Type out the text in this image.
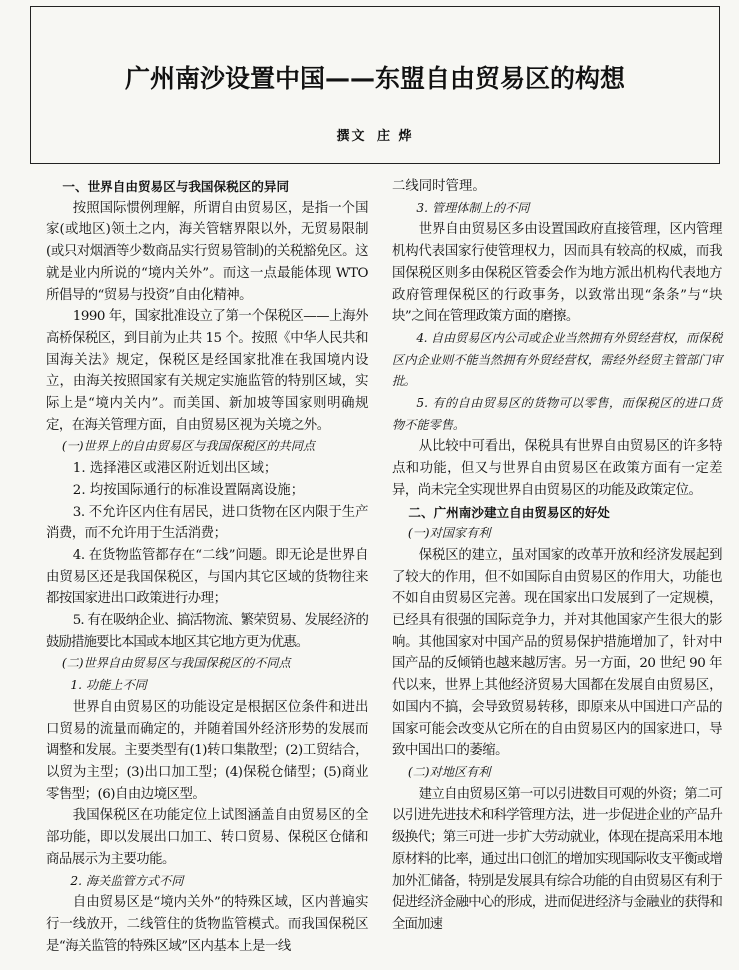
广州南沙设置中国——东盟自由贸易区的构想
撰文 庄 烨

一、世界自由贸易区与我国保税区的异同

按照国际惯例理解，所谓自由贸易区，是指一个国家(或地区)领土之内，海关管辖界限以外，无贸易限制(或只对烟酒等少数商品实行贸易管制)的关税豁免区。这就是业内所说的“境内关外”。而这一点最能体现 WTO 所倡导的“贸易与投资”自由化精神。

1990 年，国家批准设立了第一个保税区——上海外高桥保税区，到目前为止共 15 个。按照《中华人民共和国海关法》规定，保税区是经国家批准在我国境内设立，由海关按照国家有关规定实施监管的特别区域，实际上是“境内关内”。而美国、新加坡等国家则明确规定，在海关管理方面，自由贸易区视为关境之外。

(一)世界上的自由贸易区与我国保税区的共同点

1. 选择港区或港区附近划出区域；

2. 均按国际通行的标准设置隔离设施；

3. 不允许区内住有居民，进口货物在区内限于生产消费，而不允许用于生活消费；

4. 在货物监管都存在“二线”问题。即无论是世界自由贸易区还是我国保税区，与国内其它区域的货物往来都按国家进出口政策进行办理；

5. 有在吸纳企业、搞活物流、繁荣贸易、发展经济的鼓励措施要比本国或本地区其它地方更为优惠。

(二)世界自由贸易区与我国保税区的不同点

1. 功能上不同

世界自由贸易区的功能设定是根据区位条件和进出口贸易的流量而确定的，并随着国外经济形势的发展而调整和发展。主要类型有(1)转口集散型；(2)工贸结合，以贸为主型；(3)出口加工型；(4)保税仓储型；(5)商业零售型；(6)自由边境区型。

我国保税区在功能定位上试图涵盖自由贸易区的全部功能，即以发展出口加工、转口贸易、保税区仓储和商品展示为主要功能。

2. 海关监管方式不同

自由贸易区是“境内关外”的特殊区域，区内普遍实行一线放开，二线管住的货物监管模式。而我国保税区是“海关监管的特殊区域”区内基本上是一线

二线同时管理。

3. 管理体制上的不同

世界自由贸易区多由设置国政府直接管理，区内管理机构代表国家行使管理权力，因而具有较高的权威，而我国保税区则多由保税区管委会作为地方派出机构代表地方政府管理保税区的行政事务，以致常出现“条条”与“块块”之间在管理政策方面的磨擦。

4. 自由贸易区内公司或企业当然拥有外贸经营权，而保税区内企业则不能当然拥有外贸经营权，需经外经贸主管部门审批。

5. 有的自由贸易区的货物可以零售，而保税区的进口货物不能零售。

从比较中可看出，保税具有世界自由贸易区的许多特点和功能，但又与世界自由贸易区在政策方面有一定差异，尚未完全实现世界自由贸易区的功能及政策定位。

二、广州南沙建立自由贸易区的好处

(一)对国家有利

保税区的建立，虽对国家的改革开放和经济发展起到了较大的作用，但不如国际自由贸易区的作用大，功能也不如自由贸易区完善。现在国家出口发展到了一定规模，已经具有很强的国际竞争力，并对其他国家产生很大的影响。其他国家对中国产品的贸易保护措施增加了，针对中国产品的反倾销也越来越厉害。另一方面，20 世纪 90 年代以来，世界上其他经济贸易大国都在发展自由贸易区，如国内不搞，会导致贸易转移，即原来从中国进口产品的国家可能会改变从它所在的自由贸易区内的国家进口，导致中国出口的萎缩。

(二)对地区有利

建立自由贸易区第一可以引进数目可观的外资；第二可以引进先进技术和科学管理方法，进一步促进企业的产品升级换代；第三可进一步扩大劳动就业，体现在提高采用本地原材料的比率，通过出口创汇的增加实现国际收支平衡或增加外汇储备，特别是发展具有综合功能的自由贸易区有利于促进经济金融中心的形成，进而促进经济与金融业的获得和全面加速
